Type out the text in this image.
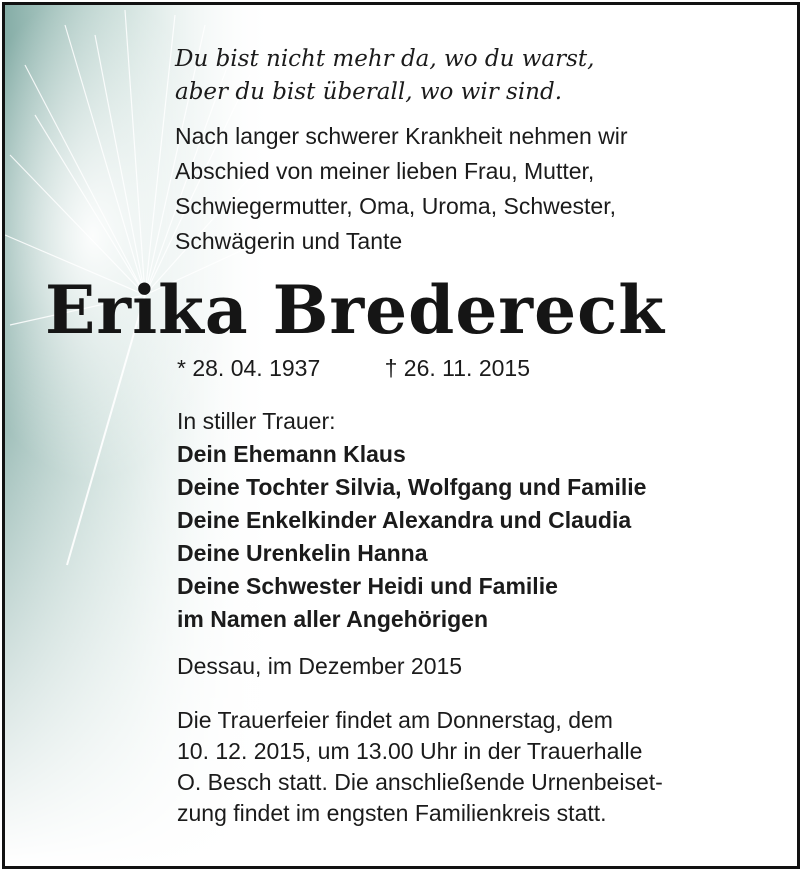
Du bist nicht mehr da, wo du warst,
aber du bist überall, wo wir sind.

Nach langer schwerer Krankheit nehmen wir
Abschied von meiner lieben Frau, Mutter,
Schwiegermutter, Oma, Uroma, Schwester,
Schwägerin und Tante

Erika Bredereck
* 28. 04. 1937	† 26. 11. 2015
In stiller Trauer:
Dein Ehemann Klaus
Deine Tochter Silvia, Wolfgang und Familie
Deine Enkelkinder Alexandra und Claudia
Deine Urenkelin Hanna
Deine Schwester Heidi und Familie
im Namen aller Angehörigen
Dessau, im Dezember 2015
Die Trauerfeier findet am Donnerstag, dem
10. 12. 2015, um 13.00 Uhr in der Trauerhalle
O. Besch statt. Die anschließende Urnenbeiset-
zung findet im engsten Familienkreis statt.
